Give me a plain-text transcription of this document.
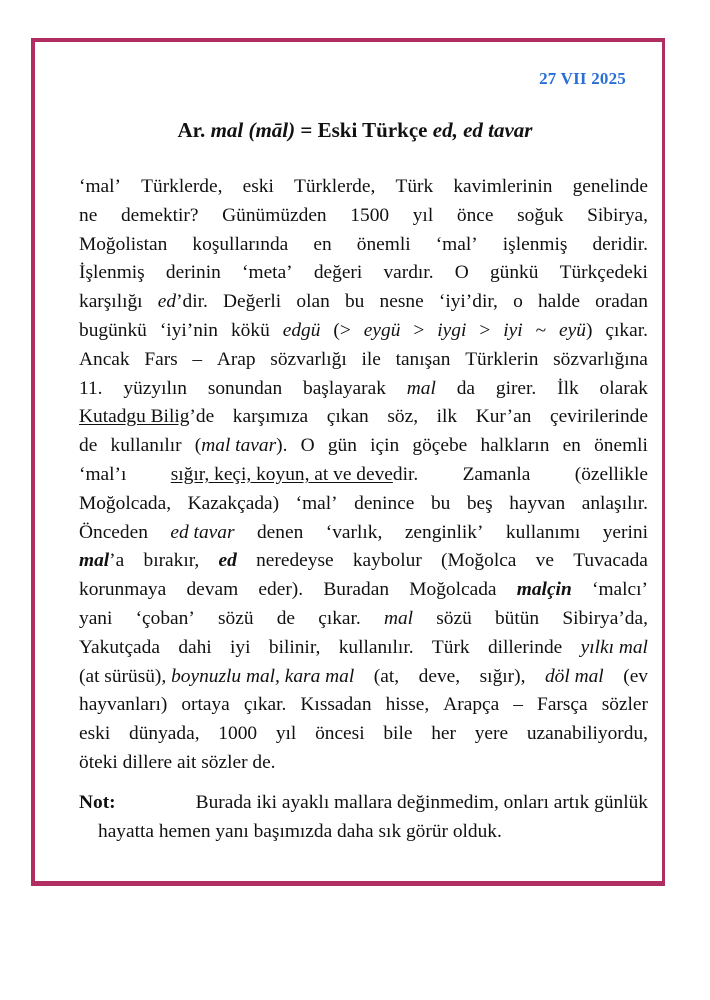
27 VII 2025
Ar. mal (māl) = Eski Türkçe ed, ed tavar
‘mal’ Türklerde, eski Türklerde, Türk kavimlerinin genelinde
ne demektir? Günümüzden 1500 yıl önce soğuk Sibirya,
Moğolistan koşullarında en önemli ‘mal’ işlenmiş deridir.
İşlenmiş derinin ‘meta’ değeri vardır. O günkü Türkçedeki
karşılığı ed’dir. Değerli olan bu nesne ‘iyi’dir, o halde oradan
bugünkü ‘iyi’nin kökü edgü (> eygü > iygi > iyi ~ eyü) çıkar.
Ancak Fars – Arap sözvarlığı ile tanışan Türklerin sözvarlığına
11. yüzyılın sonundan başlayarak mal da girer. İlk olarak
Kutadgu Bilig’de karşımıza çıkan söz, ilk Kur’an çevirilerinde
de kullanılır (mal tavar). O gün için göçebe halkların en önemli
‘mal’ı sığır, keçi, koyun, at ve devedir. Zamanla (özellikle
Moğolcada, Kazakçada) ‘mal’ denince bu beş hayvan anlaşılır.
Önceden ed tavar denen ‘varlık, zenginlik’ kullanımı yerini
mal’a bırakır, ed neredeyse kaybolur (Moğolca ve Tuvacada
korunmaya devam eder). Buradan Moğolcada malçin ‘malcı’
yani ‘çoban’ sözü de çıkar. mal sözü bütün Sibirya’da,
Yakutçada dahi iyi bilinir, kullanılır. Türk dillerinde yılkı mal
(at sürüsü), boynuzlu mal, kara mal (at, deve, sığır), döl mal (ev
hayvanları) ortaya çıkar. Kıssadan hisse, Arapça – Farsça sözler
eski dünyada, 1000 yıl öncesi bile her yere uzanabiliyordu,
öteki dillere ait sözler de.
Not:	Burada iki ayaklı mallara değinmedim, onları artık günlük
hayatta hemen yanı başımızda daha sık görür olduk.
